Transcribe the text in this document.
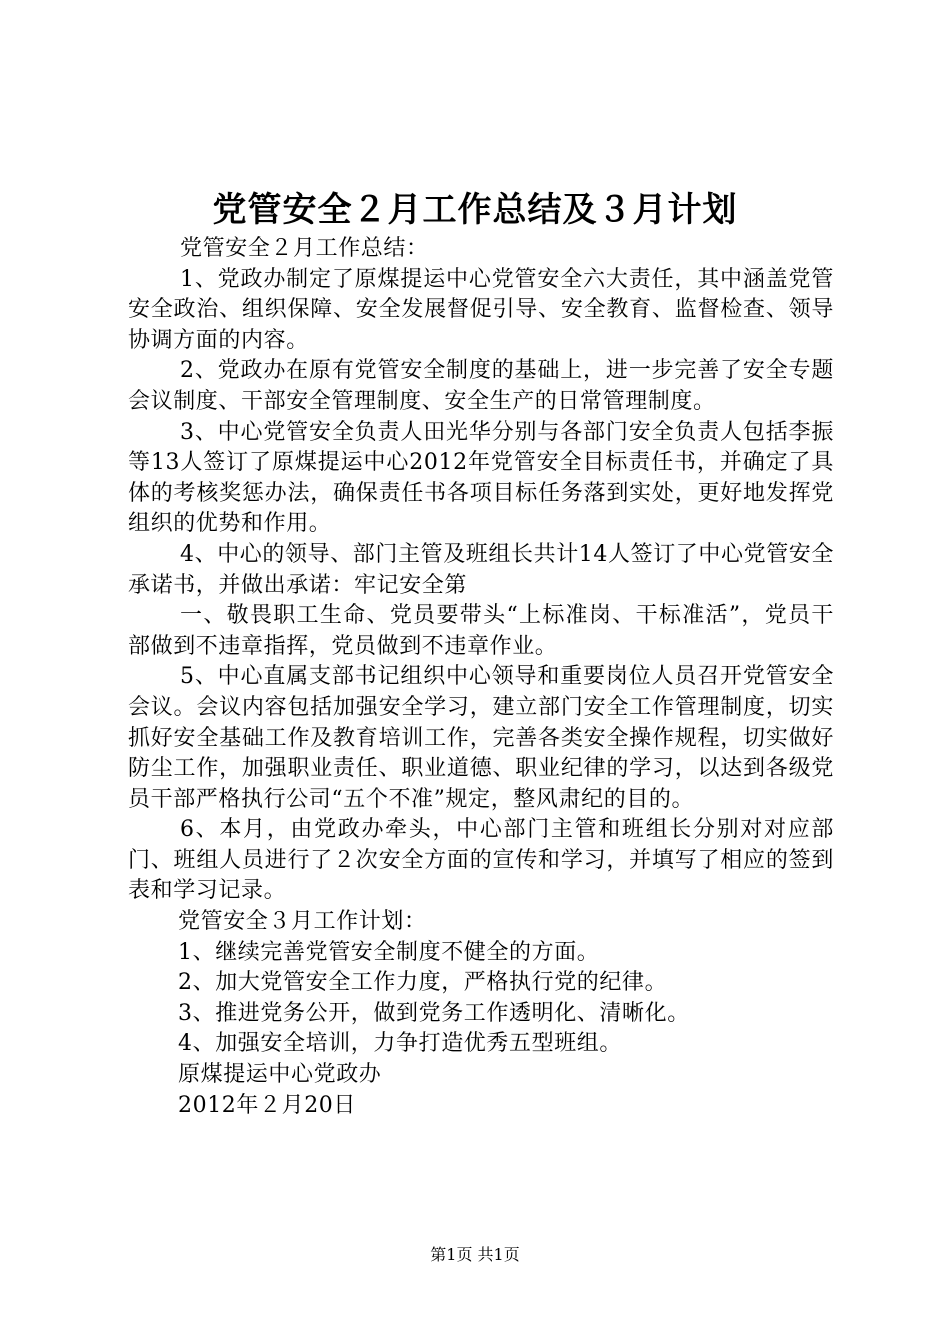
党管安全２月工作总结及３月计划

党管安全２月工作总结：

1、党政办制定了原煤提运中心党管安全六大责任，其中涵盖党管安全政治、组织保障、安全发展督促引导、安全教育、监督检查、领导协调方面的内容。

2、党政办在原有党管安全制度的基础上，进一步完善了安全专题会议制度、干部安全管理制度、安全生产的日常管理制度。

3、中心党管安全负责人田光华分别与各部门安全负责人包括李振等13人签订了原煤提运中心2012年党管安全目标责任书，并确定了具体的考核奖惩办法，确保责任书各项目标任务落到实处，更好地发挥党组织的优势和作用。

4、中心的领导、部门主管及班组长共计14人签订了中心党管安全承诺书，并做出承诺：牢记安全第

一、敬畏职工生命、党员要带头“上标准岗、干标准活”，党员干部做到不违章指挥，党员做到不违章作业。

5、中心直属支部书记组织中心领导和重要岗位人员召开党管安全会议。会议内容包括加强安全学习，建立部门安全工作管理制度，切实抓好安全基础工作及教育培训工作，完善各类安全操作规程，切实做好防尘工作，加强职业责任、职业道德、职业纪律的学习，以达到各级党员干部严格执行公司“五个不准”规定，整风肃纪的目的。

6、本月，由党政办牵头，中心部门主管和班组长分别对对应部门、班组人员进行了２次安全方面的宣传和学习，并填写了相应的签到表和学习记录。

党管安全３月工作计划：

1、继续完善党管安全制度不健全的方面。

2、加大党管安全工作力度，严格执行党的纪律。

3、推进党务公开，做到党务工作透明化、清晰化。

4、加强安全培训，力争打造优秀五型班组。

原煤提运中心党政办

2012年２月20日

第1页 共1页
